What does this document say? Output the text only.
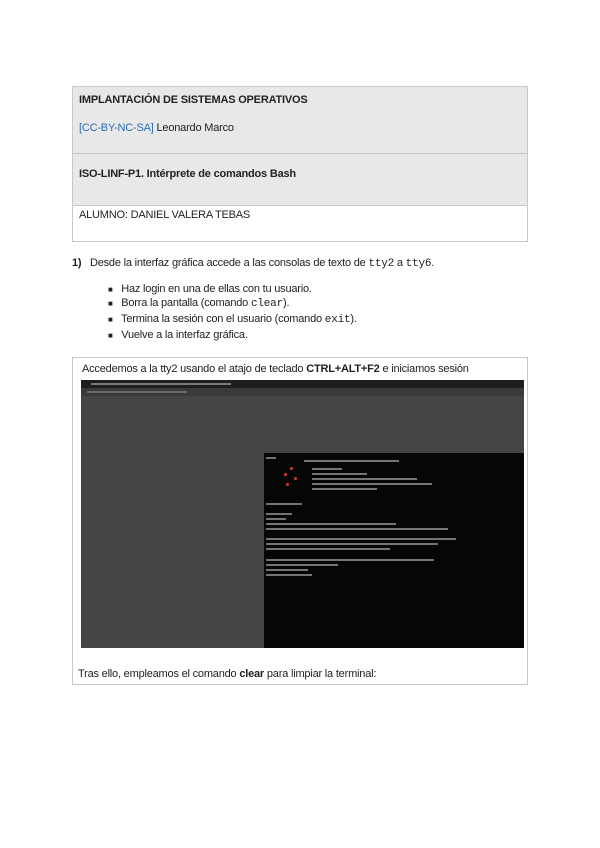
IMPLANTACIÓN DE SISTEMAS OPERATIVOS
[CC-BY-NC-SA] Leonardo Marco
ISO-LINF-P1. Intérprete de comandos Bash
ALUMNO: DANIEL VALERA TEBAS
1) Desde la interfaz gráfica accede a las consolas de texto de tty2 a tty6.
■ Haz login en una de ellas con tu usuario.
■ Borra la pantalla (comando clear).
■ Termina la sesión con el usuario (comando exit).
■ Vuelve a la interfaz gráfica.
Accedemos a la tty2 usando el atajo de teclado CTRL+ALT+F2 e iniciamos sesión
Tras ello, empleamos el comando clear para limpiar la terminal:
